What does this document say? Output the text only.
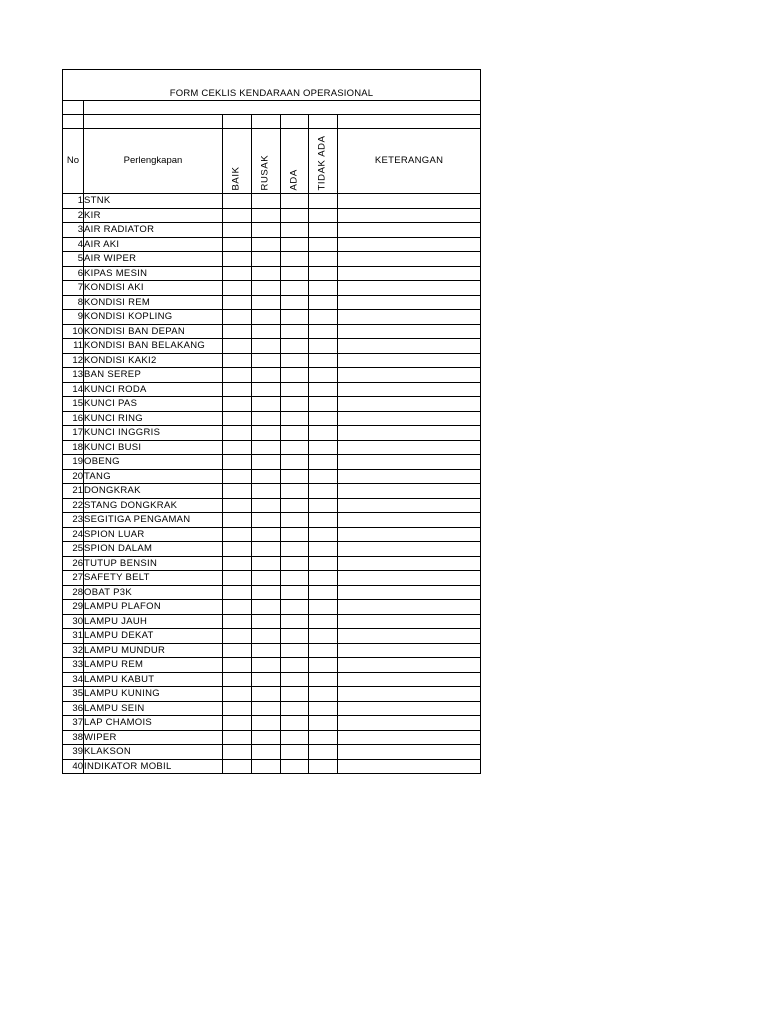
FORM CEKLIS KENDARAAN OPERASIONAL						

No	Perlengkapan	BAIK	RUSAK	ADA	TIDAK ADA	KETERANGAN
1	STNK					
2	KIR					
3	AIR RADIATOR					
4	AIR AKI					
5	AIR WIPER					
6	KIPAS MESIN					
7	KONDISI AKI					
8	KONDISI REM					
9	KONDISI KOPLING					
10	KONDISI BAN DEPAN					
11	KONDISI BAN BELAKANG					
12	KONDISI KAKI2					
13	BAN SEREP					
14	KUNCI RODA					
15	KUNCI PAS					
16	KUNCI RING					
17	KUNCI INGGRIS					
18	KUNCI BUSI					
19	OBENG					
20	TANG					
21	DONGKRAK					
22	STANG DONGKRAK					
23	SEGITIGA PENGAMAN					
24	SPION LUAR					
25	SPION DALAM					
26	TUTUP BENSIN					
27	SAFETY BELT					
28	OBAT P3K					
29	LAMPU PLAFON					
30	LAMPU JAUH					
31	LAMPU DEKAT					
32	LAMPU MUNDUR					
33	LAMPU REM					
34	LAMPU KABUT					
35	LAMPU KUNING					
36	LAMPU SEIN					
37	LAP CHAMOIS					
38	WIPER					
39	KLAKSON					
40	INDIKATOR MOBIL					
